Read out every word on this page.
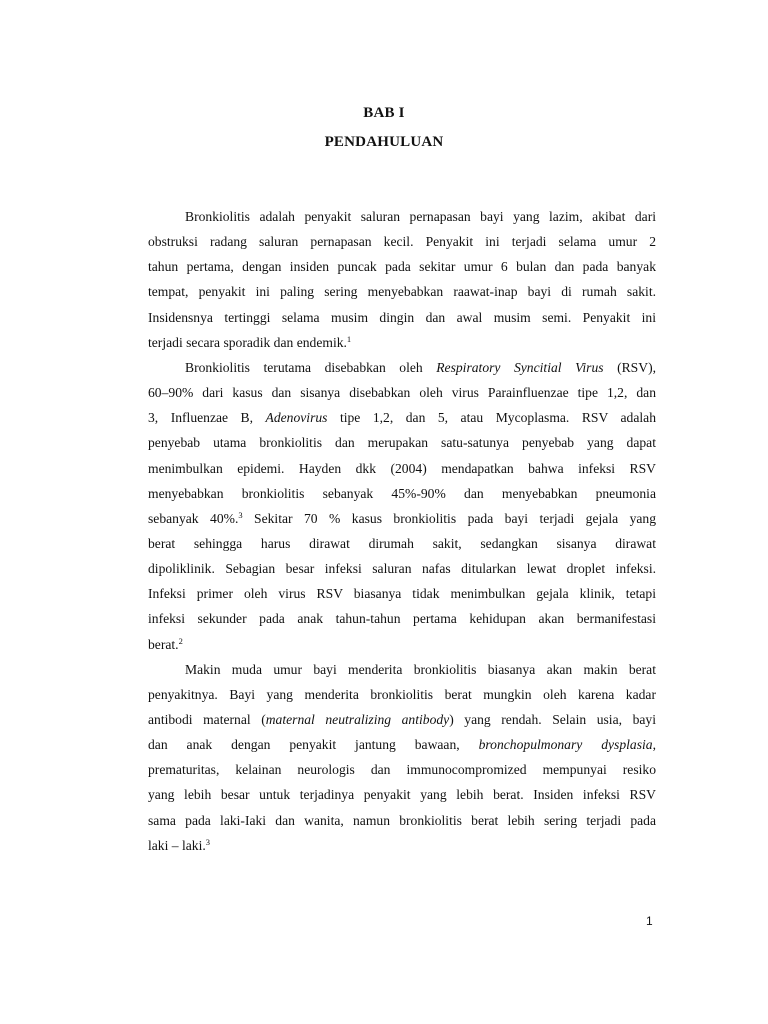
BAB I
PENDAHULUAN
Bronkiolitis adalah penyakit saluran pernapasan bayi yang lazim, akibat dari
obstruksi radang saluran pernapasan kecil. Penyakit ini terjadi selama umur 2
tahun pertama, dengan insiden puncak pada sekitar umur 6 bulan dan pada banyak
tempat, penyakit ini paling sering menyebabkan raawat-inap bayi di rumah sakit.
Insidensnya tertinggi selama musim dingin dan awal musim semi. Penyakit ini
terjadi secara sporadik dan endemik.$^1$
Bronkiolitis terutama disebabkan oleh Respiratory Syncitial Virus (RSV),
60–90% dari kasus dan sisanya disebabkan oleh virus Parainfluenzae tipe 1,2, dan
3, Influenzae B, Adenovirus tipe 1,2, dan 5, atau Mycoplasma. RSV adalah
penyebab utama bronkiolitis dan merupakan satu-satunya penyebab yang dapat
menimbulkan epidemi. Hayden dkk (2004) mendapatkan bahwa infeksi RSV
menyebabkan bronkiolitis sebanyak 45%-90% dan menyebabkan pneumonia
sebanyak 40%.$^3$ Sekitar 70 % kasus bronkiolitis pada bayi terjadi gejala yang
berat sehingga harus dirawat dirumah sakit, sedangkan sisanya dirawat
dipoliklinik. Sebagian besar infeksi saluran nafas ditularkan lewat droplet infeksi.
Infeksi primer oleh virus RSV biasanya tidak menimbulkan gejala klinik, tetapi
infeksi sekunder pada anak tahun-tahun pertama kehidupan akan bermanifestasi
berat.$^2$
Makin muda umur bayi menderita bronkiolitis biasanya akan makin berat
penyakitnya. Bayi yang menderita bronkiolitis berat mungkin oleh karena kadar
antibodi maternal (maternal neutralizing antibody) yang rendah. Selain usia, bayi
dan anak dengan penyakit jantung bawaan, bronchopulmonary dysplasia,
prematuritas, kelainan neurologis dan immunocompromized mempunyai resiko
yang lebih besar untuk terjadinya penyakit yang lebih berat. Insiden infeksi RSV
sama pada laki-Iaki dan wanita, namun bronkiolitis berat lebih sering terjadi pada
laki – laki.$^3$
1
